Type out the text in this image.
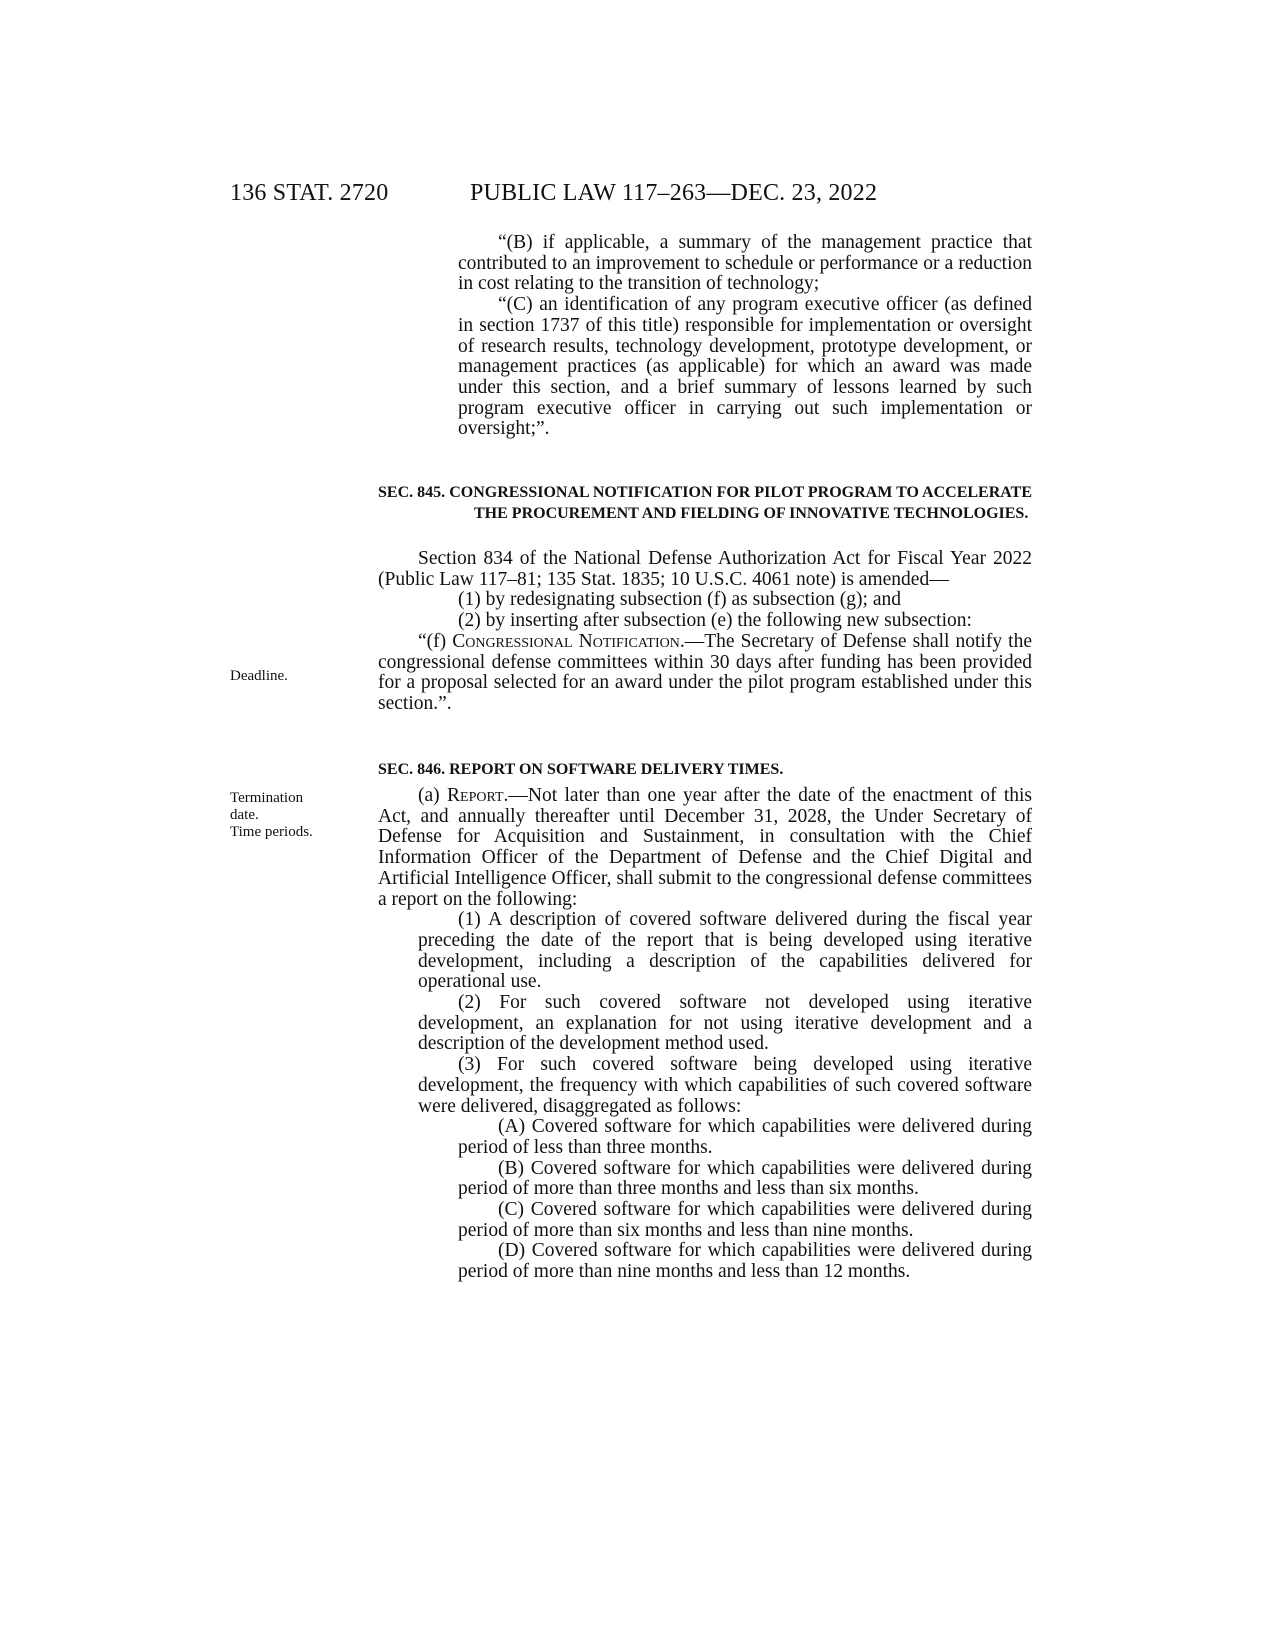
136 STAT. 2720	PUBLIC LAW 117–263—DEC. 23, 2022

“(B) if applicable, a summary of the management practice that contributed to an improvement to schedule or performance or a reduction in cost relating to the transition of technology;

“(C) an identification of any program executive officer (as defined in section 1737 of this title) responsible for implementation or oversight of research results, technology development, prototype development, or management practices (as applicable) for which an award was made under this section, and a brief summary of lessons learned by such program executive officer in carrying out such implementation or oversight;”.

SEC. 845. CONGRESSIONAL NOTIFICATION FOR PILOT PROGRAM TO ACCELERATE THE PROCUREMENT AND FIELDING OF INNOVATIVE TECHNOLOGIES.

Section 834 of the National Defense Authorization Act for Fiscal Year 2022 (Public Law 117–81; 135 Stat. 1835; 10 U.S.C. 4061 note) is amended—

(1) by redesignating subsection (f) as subsection (g); and

(2) by inserting after subsection (e) the following new subsection:

“(f) Congressional Notification.—The Secretary of Defense shall notify the congressional defense committees within 30 days after funding has been provided for a proposal selected for an award under the pilot program established under this section.”.

Deadline.
SEC. 846. REPORT ON SOFTWARE DELIVERY TIMES.
Termination
date.
Time periods.

(a) Report.—Not later than one year after the date of the enactment of this Act, and annually thereafter until December 31, 2028, the Under Secretary of Defense for Acquisition and Sustainment, in consultation with the Chief Information Officer of the Department of Defense and the Chief Digital and Artificial Intelligence Officer, shall submit to the congressional defense committees a report on the following:

(1) A description of covered software delivered during the fiscal year preceding the date of the report that is being developed using iterative development, including a description of the capabilities delivered for operational use.

(2) For such covered software not developed using iterative development, an explanation for not using iterative development and a description of the development method used.

(3) For such covered software being developed using iterative development, the frequency with which capabilities of such covered software were delivered, disaggregated as follows:

(A) Covered software for which capabilities were delivered during period of less than three months.

(B) Covered software for which capabilities were delivered during period of more than three months and less than six months.

(C) Covered software for which capabilities were delivered during period of more than six months and less than nine months.

(D) Covered software for which capabilities were delivered during period of more than nine months and less than 12 months.
